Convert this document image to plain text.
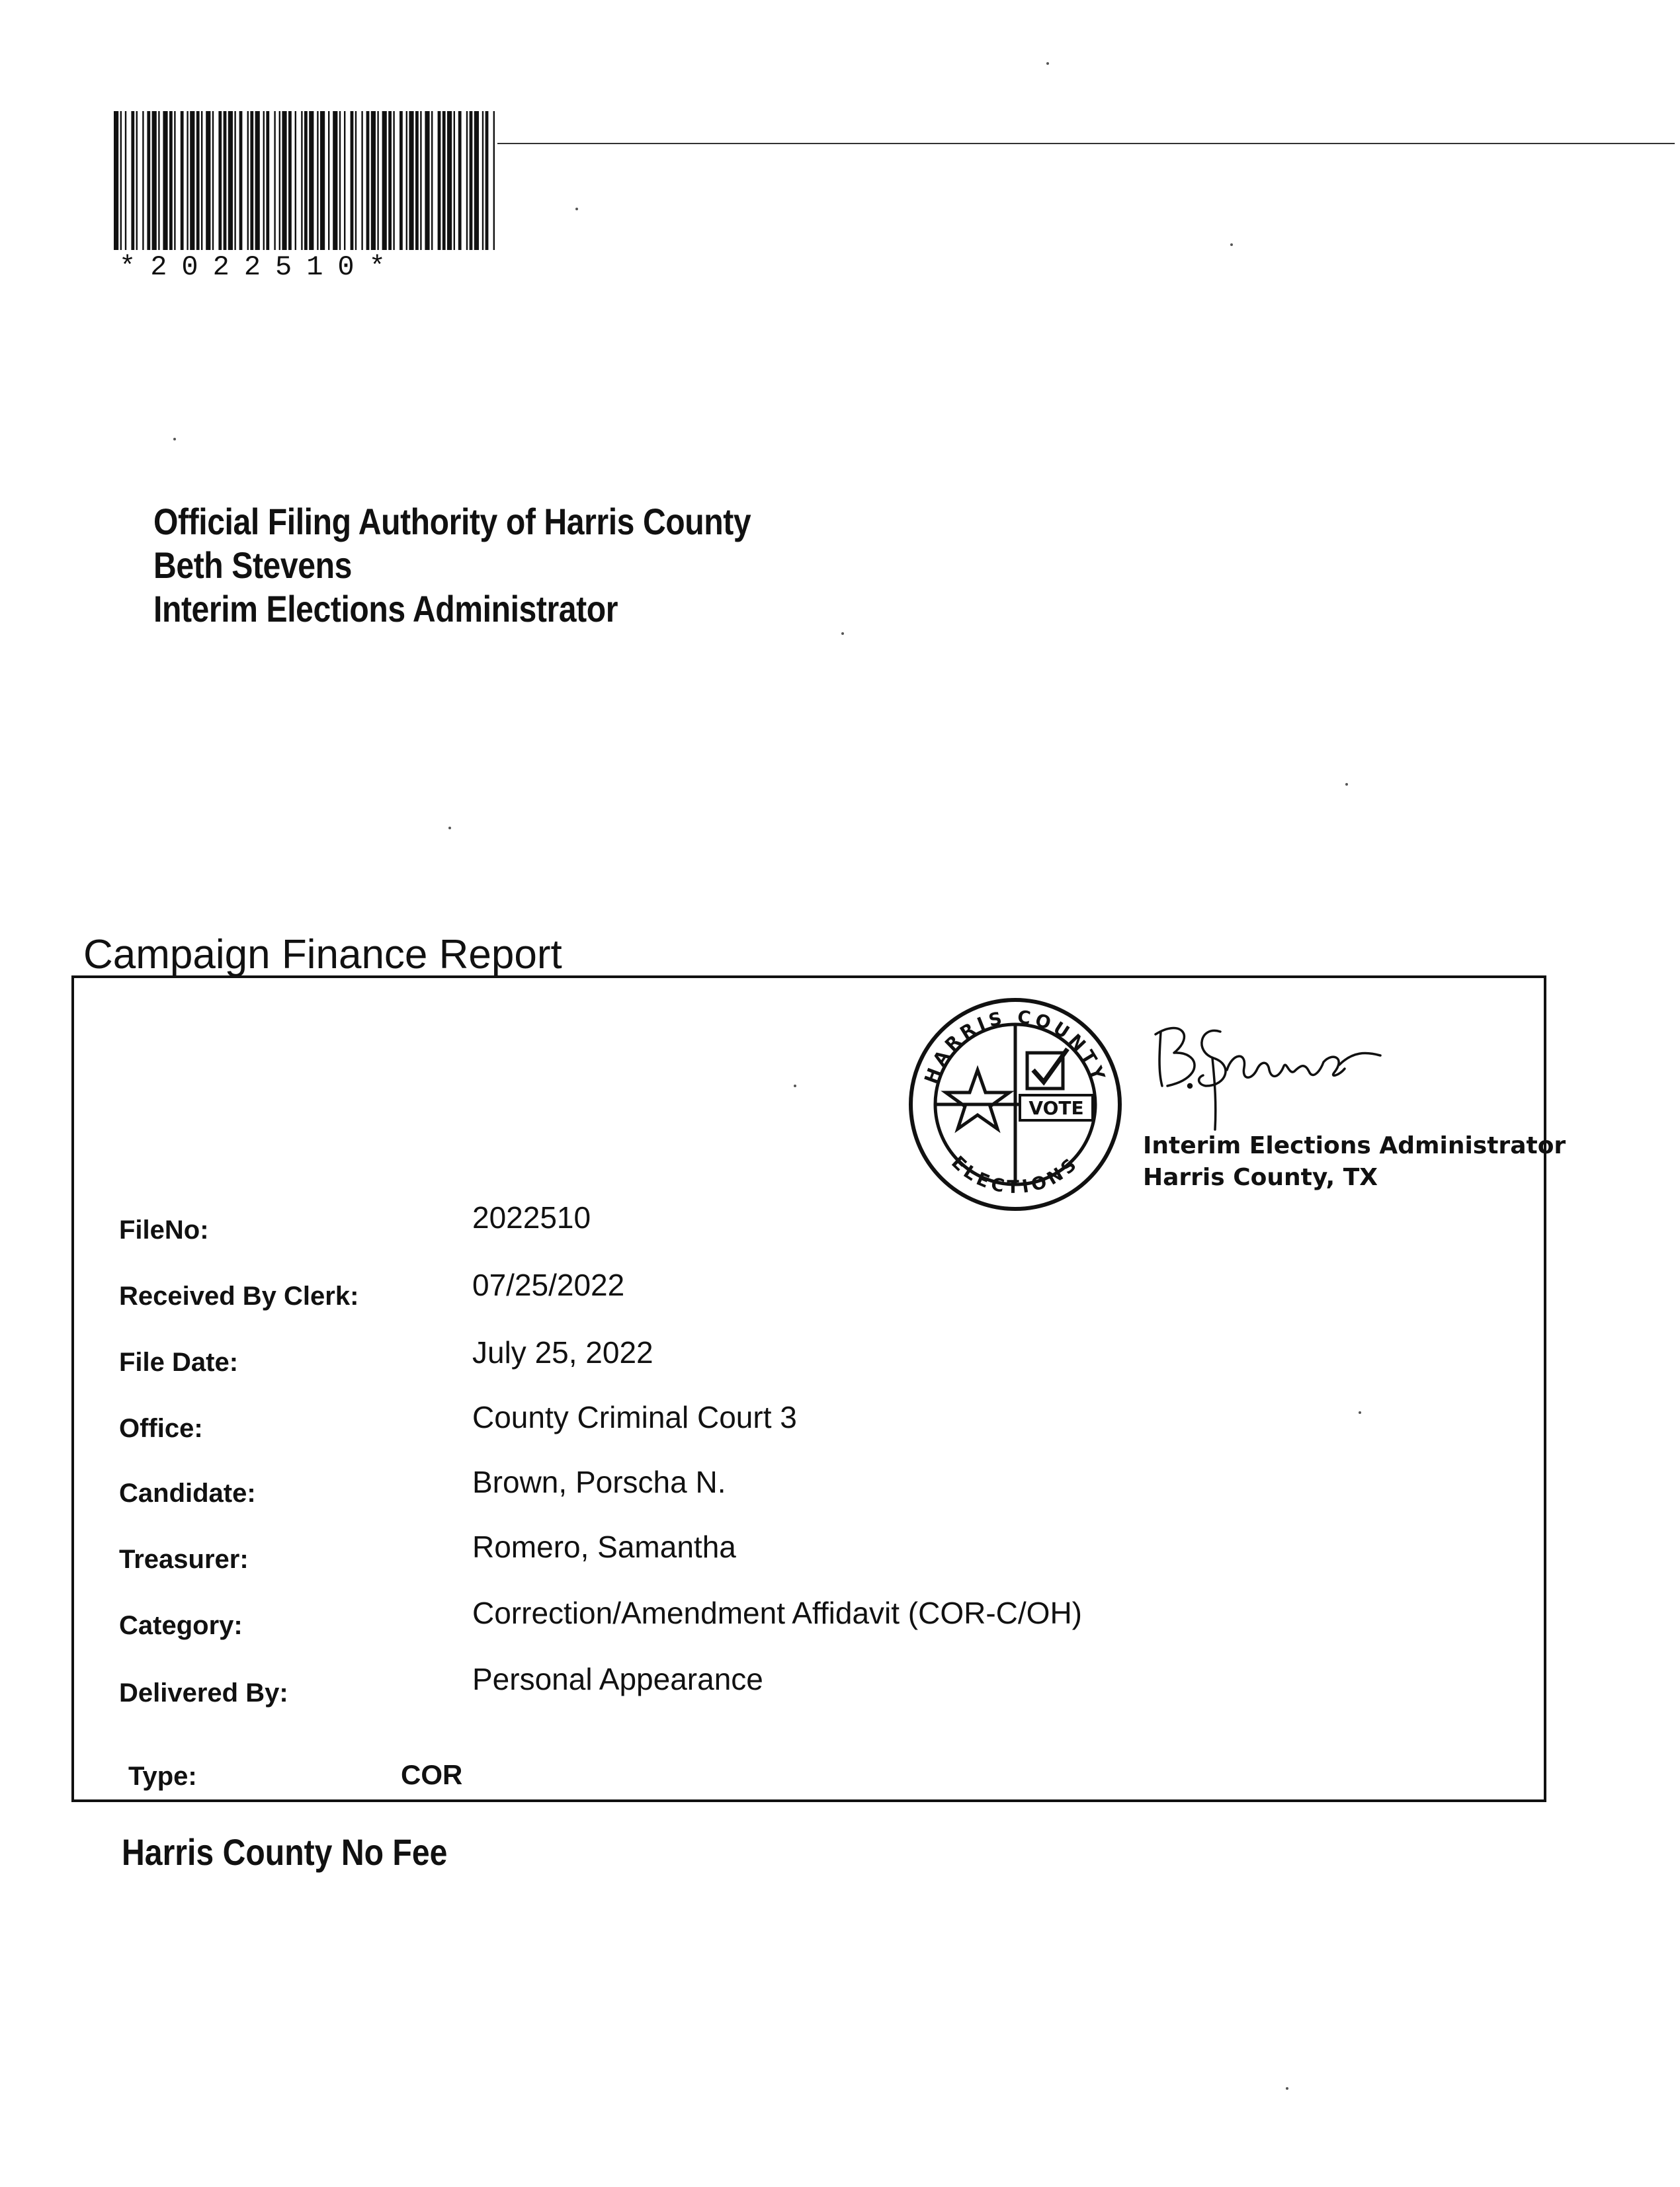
*2022510*
Official Filing Authority of Harris County
Beth Stevens
Interim Elections Administrator
Campaign Finance Report
HARRIS COUNTY
ELECTIONS
VOTE
Interim Elections Administrator
Harris County, TX
FileNo:	2022510
Received By Clerk:	07/25/2022
File Date:	July 25, 2022
Office:	County Criminal Court 3
Candidate:	Brown, Porscha N.
Treasurer:	Romero, Samantha
Category:	Correction/Amendment Affidavit (COR-C/OH)
Delivered By:	Personal Appearance
Type:	COR
Harris County No Fee
